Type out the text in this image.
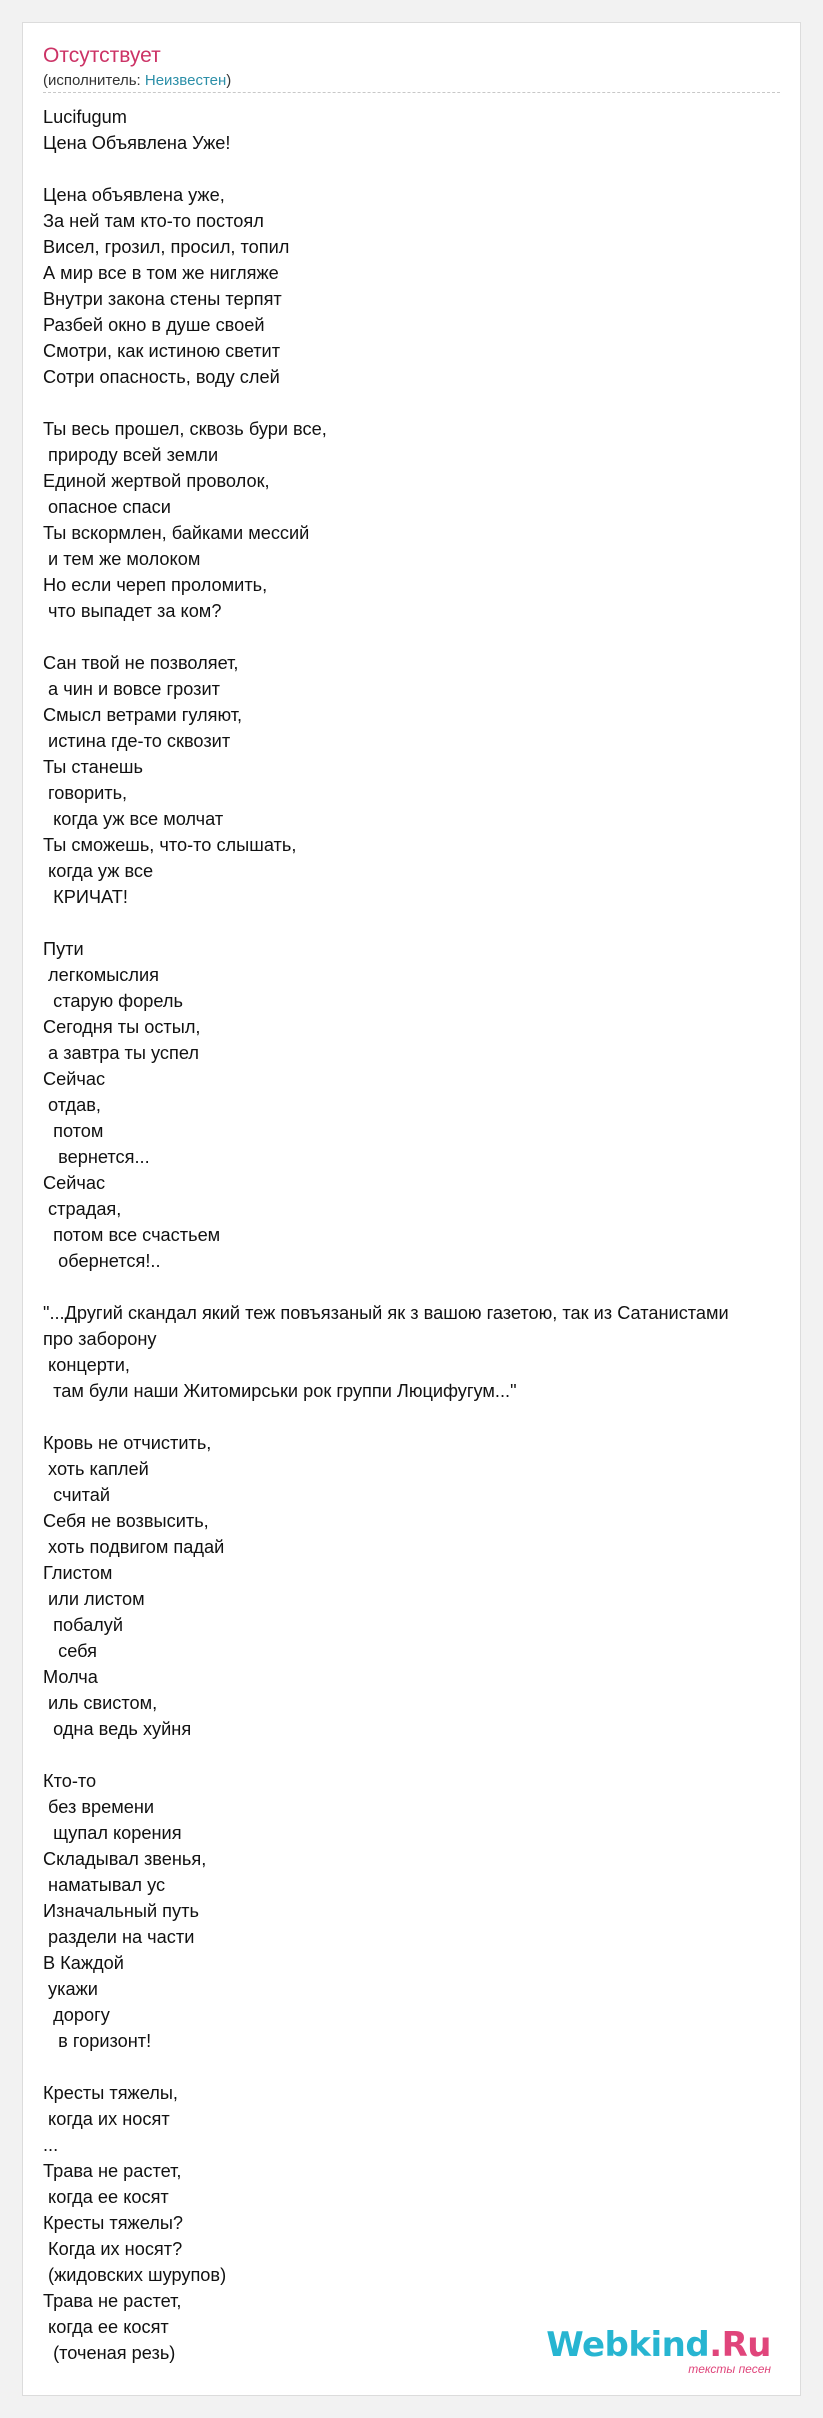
Отсутствует
(исполнитель: Неизвестен)
Lucifugum
Цена Объявлена Уже!

Цена объявлена уже,
За ней там кто-то постоял
Висел, грозил, просил, топил
А мир все в том же нигляже
Внутри закона стены терпят
Разбей окно в душе своей
Смотри, как истиною светит
Сотри опасность, воду слей

Ты весь прошел, сквозь бури все,
природу всей земли
Единой жертвой проволок,
опасное спаси
Ты вскормлен, байками мессий
и тем же молоком
Но если череп проломить,
что выпадет за ком?

Сан твой не позволяет,
а чин и вовсе грозит
Смысл ветрами гуляют,
истина где-то сквозит
Ты станешь
говорить,
когда уж все молчат
Ты сможешь, что-то слышать,
когда уж все
КРИЧАТ!

Пути
легкомыслия
старую форель
Сегодня ты остыл,
а завтра ты успел
Сейчас
отдав,
потом
вернется...
Сейчас
страдая,
потом все счастьем
обернется!..

"...Другий скандал який теж повъязаный як з вашою газетою, так из Сатанистами
про заборону
концерти,
там були наши Житомирськи рок группи Люцифугум..."

Кровь не отчистить,
хоть каплей
считай
Себя не возвысить,
хоть подвигом падай
Глистом
или листом
побалуй
себя
Молча
иль свистом,
одна ведь хуйня

Кто-то
без времени
щупал корения
Складывал звенья,
наматывал ус
Изначальный путь
раздели на части
В Каждой
укажи
дорогу
в горизонт!

Кресты тяжелы,
когда их носят
...
Трава не растет,
когда ее косят
Кресты тяжелы?
Когда их носят?
(жидовских шурупов)
Трава не растет,
когда ее косят
(точеная резь)	Webkind.Ru
тексты песен
